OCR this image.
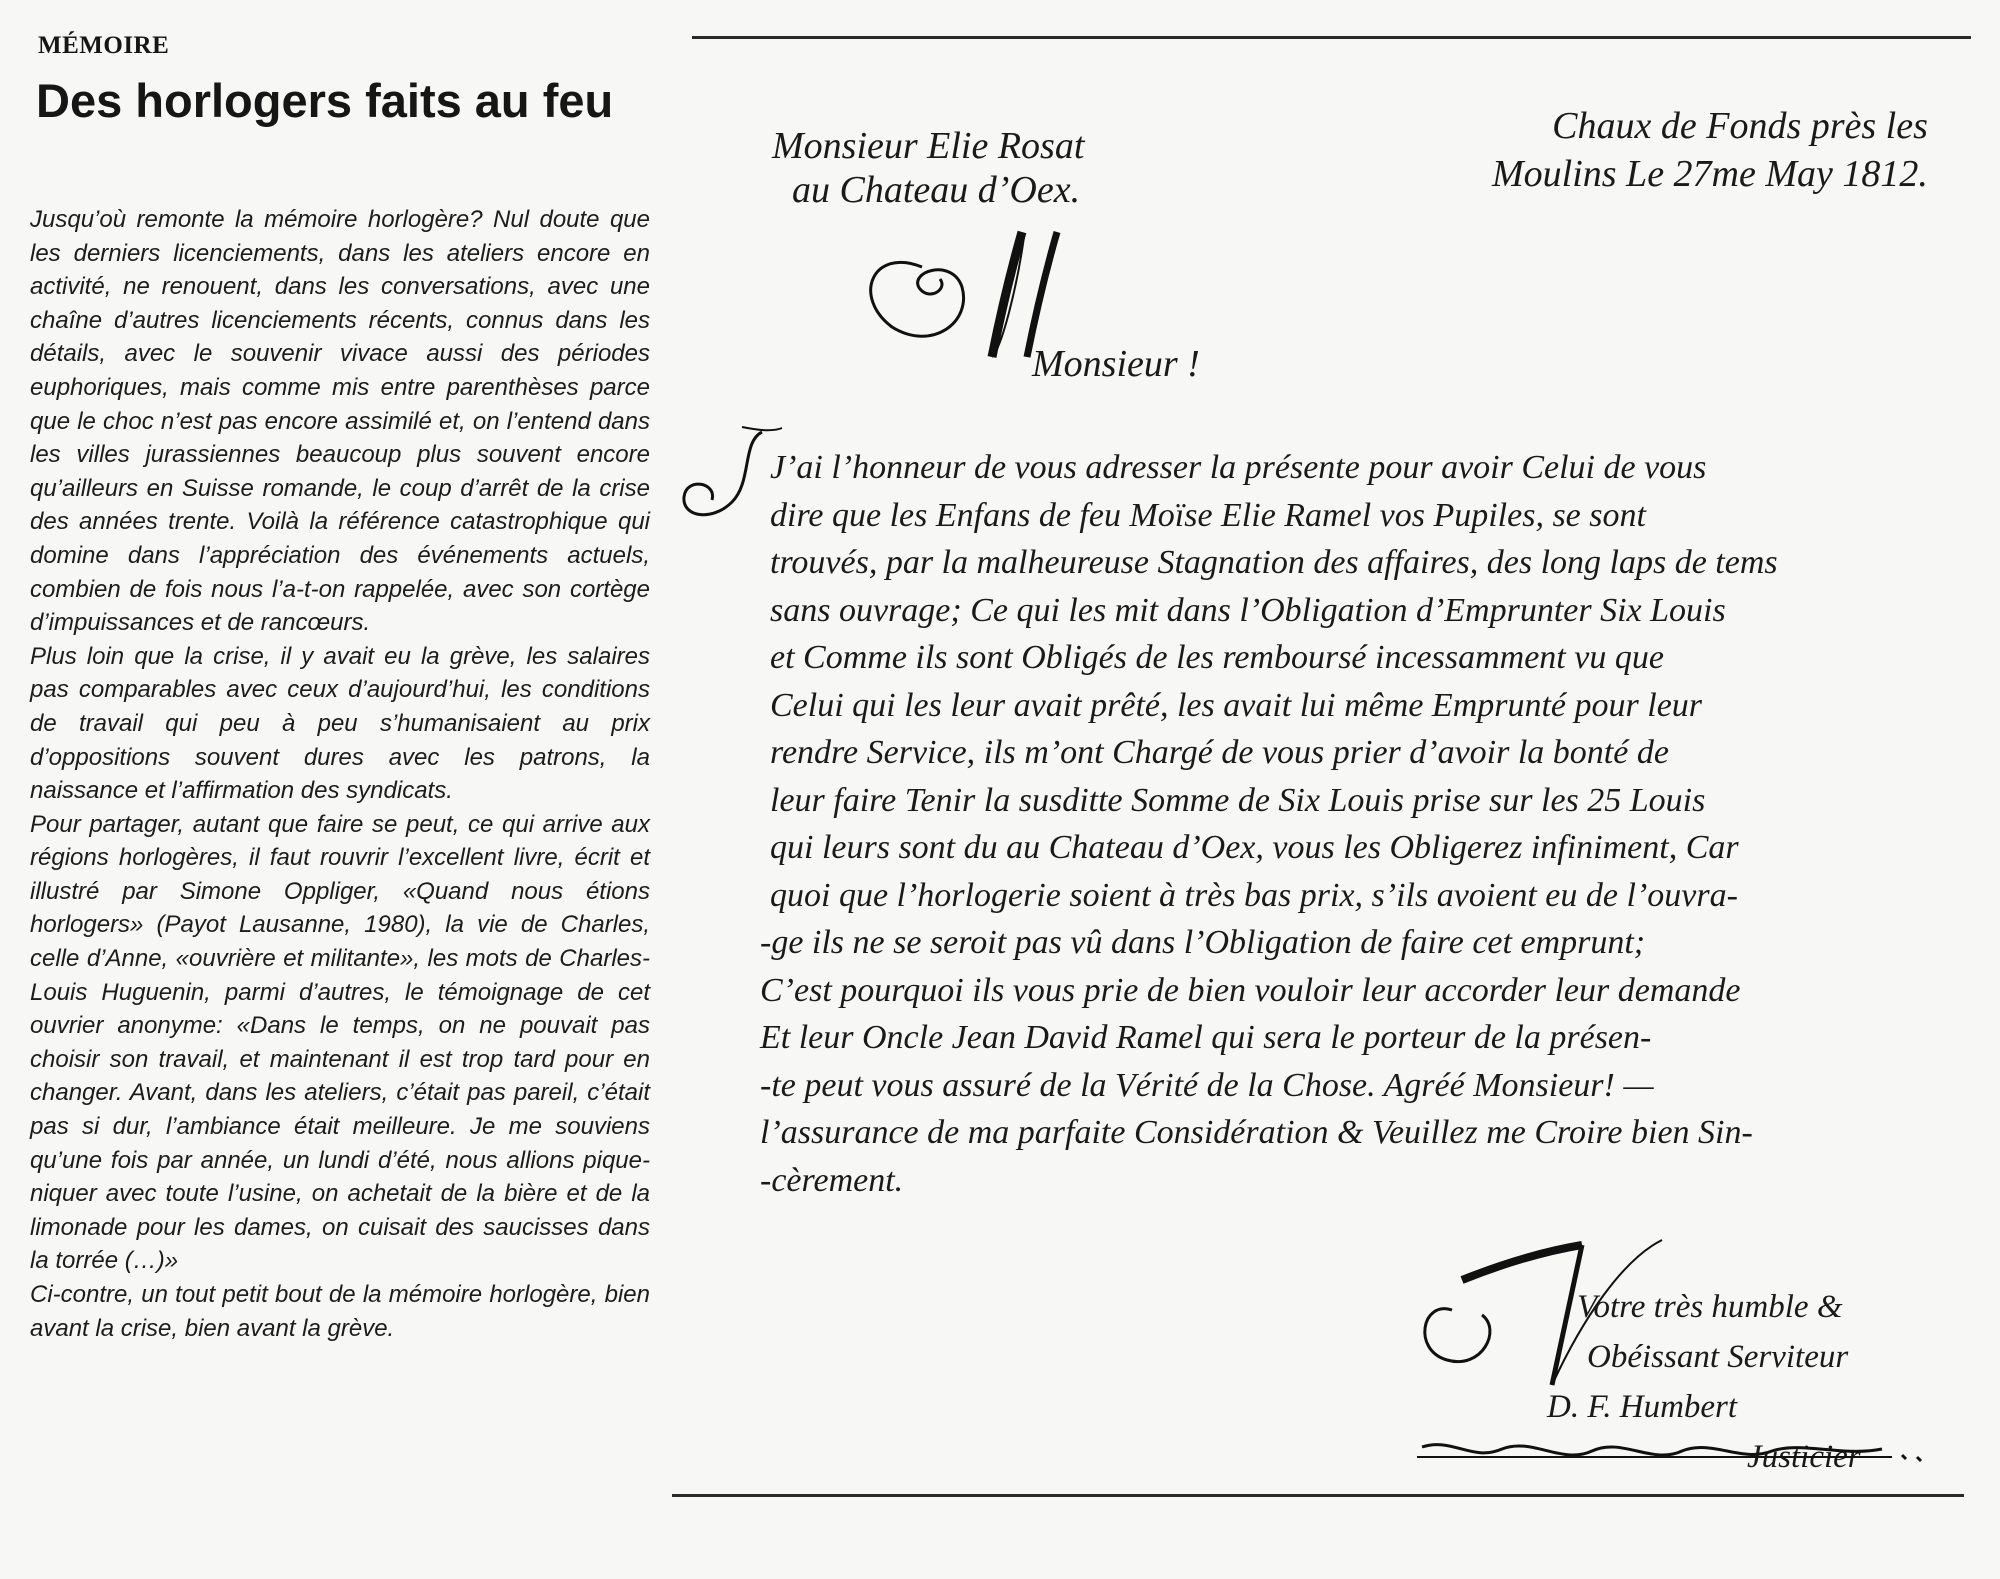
MÉMOIRE
Des horlogers faits au feu

Jusqu’où remonte la mémoire horlogère? Nul doute que les derniers licenciements, dans les ateliers encore en activité, ne renouent, dans les conversations, avec une chaîne d’autres licenciements récents, connus dans les détails, avec le souvenir vivace aussi des périodes euphoriques, mais comme mis entre parenthèses parce que le choc n’est pas encore assimilé et, on l’entend dans les villes jurassiennes beaucoup plus souvent encore qu’ailleurs en Suisse romande, le coup d’arrêt de la crise des années trente. Voilà la référence catastrophique qui domine dans l’appréciation des événements actuels, combien de fois nous l’a-t-on rappelée, avec son cortège d’impuissances et de rancœurs.

Plus loin que la crise, il y avait eu la grève, les salaires pas comparables avec ceux d’aujourd’hui, les conditions de travail qui peu à peu s’humanisaient au prix d’oppositions souvent dures avec les patrons, la naissance et l’affirmation des syndicats.

Pour partager, autant que faire se peut, ce qui arrive aux régions horlogères, il faut rouvrir l’excellent livre, écrit et illustré par Simone Oppliger, «Quand nous étions horlogers» (Payot Lausanne, 1980), la vie de Charles, celle d’Anne, «ouvrière et militante», les mots de Charles-Louis Huguenin, parmi d’autres, le témoignage de cet ouvrier anonyme: «Dans le temps, on ne pouvait pas choisir son travail, et maintenant il est trop tard pour en changer. Avant, dans les ateliers, c’était pas pareil, c’était pas si dur, l’ambiance était meilleure. Je me souviens qu’une fois par année, un lundi d’été, nous allions pique-niquer avec toute l’usine, on achetait de la bière et de la limonade pour les dames, on cuisait des saucisses dans la torrée (…)»

Ci-contre, un tout petit bout de la mémoire horlogère, bien avant la crise, bien avant la grève.

Monsieur Elie Rosat
au Chateau d’Oex.
Chaux de Fonds près les
Moulins Le 27me May 1812.
Monsieur !
J’ai l’honneur de vous adresser la présente pour avoir Celui de vous
dire que les Enfans de feu Moïse Elie Ramel vos Pupiles, se sont
trouvés, par la malheureuse Stagnation des affaires, des long laps de tems
sans ouvrage; Ce qui les mit dans l’Obligation d’Emprunter Six Louis
et Comme ils sont Obligés de les remboursé incessamment vu que
Celui qui les leur avait prêté, les avait lui même Emprunté pour leur
rendre Service, ils m’ont Chargé de vous prier d’avoir la bonté de
leur faire Tenir la susditte Somme de Six Louis prise sur les 25 Louis
qui leurs sont du au Chateau d’Oex, vous les Obligerez infiniment, Car
quoi que l’horlogerie soient à très bas prix, s’ils avoient eu de l’ouvra-
-ge ils ne se seroit pas vû dans l’Obligation de faire cet emprunt;
C’est pourquoi ils vous prie de bien vouloir leur accorder leur demande
Et leur Oncle Jean David Ramel qui sera le porteur de la présen-
-te peut vous assuré de la Vérité de la Chose. Agréé Monsieur! —
l’assurance de ma parfaite Considération & Veuillez me Croire bien Sin-
-cèrement.
Votre très humble &
Obéissant Serviteur
D. F. Humbert
Justicier
